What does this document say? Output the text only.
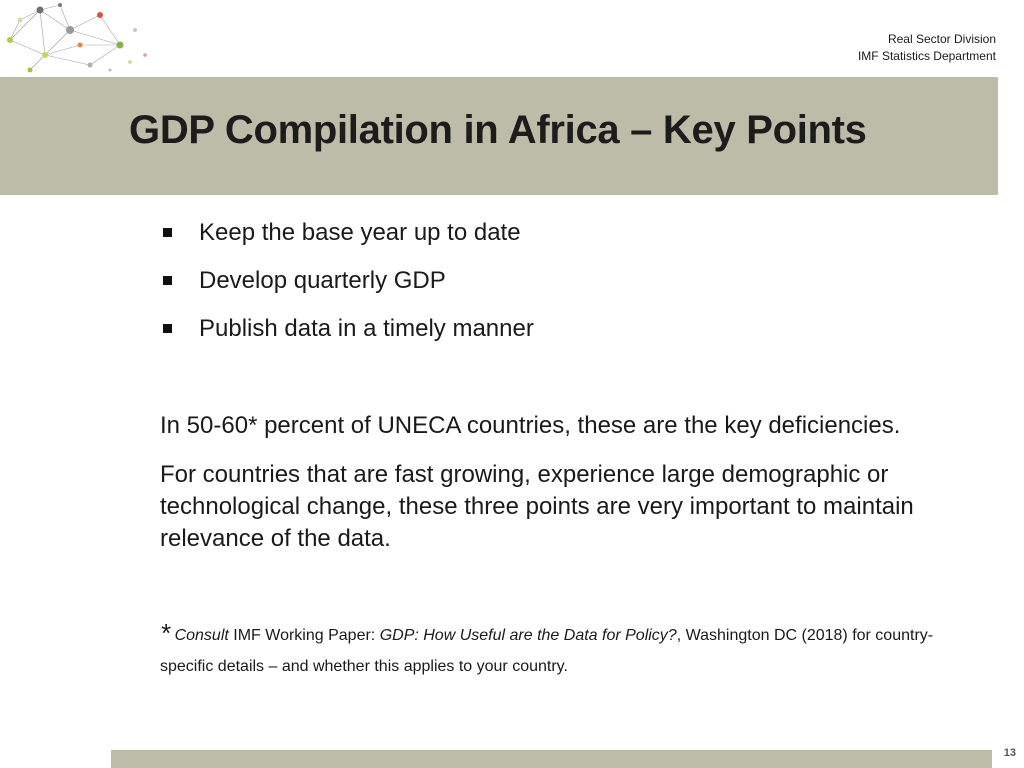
Real Sector Division
IMF Statistics Department
GDP Compilation in Africa – Key Points
Keep the base year up to date
Develop quarterly GDP
Publish data in a timely manner

In 50-60* percent of UNECA countries, these are the key deficiencies.

For countries that are fast growing, experience large demographic or technological change, these three points are very important to maintain relevance of the data.

* Consult IMF Working Paper: GDP: How Useful are the Data for Policy?, Washington DC (2018) for country-specific details – and whether this applies to your country.

13
